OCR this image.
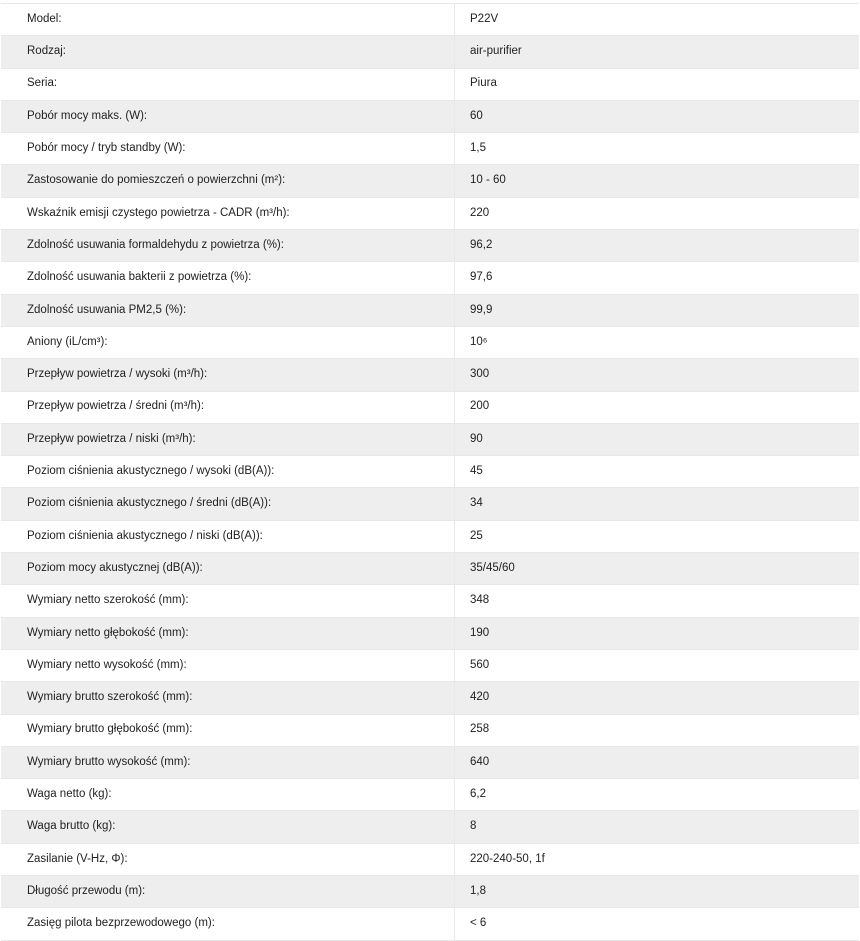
Model:	P22V
Rodzaj:	air-purifier
Seria:	Piura
Pobór mocy maks. (W):	60
Pobór mocy / tryb standby (W):	1,5
Zastosowanie do pomieszczeń o powierzchni (m²):	10 - 60
Wskaźnik emisji czystego powietrza - CADR (m³/h):	220
Zdolność usuwania formaldehydu z powietrza (%):	96,2
Zdolność usuwania bakterii z powietrza (%):	97,6
Zdolność usuwania PM2,5 (%):	99,9
Aniony (iL/cm³):	10⁶
Przepływ powietrza / wysoki (m³/h):	300
Przepływ powietrza / średni (m³/h):	200
Przepływ powietrza / niski (m³/h):	90
Poziom ciśnienia akustycznego / wysoki (dB(A)):	45
Poziom ciśnienia akustycznego / średni (dB(A)):	34
Poziom ciśnienia akustycznego / niski (dB(A)):	25
Poziom mocy akustycznej (dB(A)):	35/45/60
Wymiary netto szerokość (mm):	348
Wymiary netto głębokość (mm):	190
Wymiary netto wysokość (mm):	560
Wymiary brutto szerokość (mm):	420
Wymiary brutto głębokość (mm):	258
Wymiary brutto wysokość (mm):	640
Waga netto (kg):	6,2
Waga brutto (kg):	8
Zasilanie (V-Hz, Φ):	220-240-50, 1f
Długość przewodu (m):	1,8
Zasięg pilota bezprzewodowego (m):	< 6
